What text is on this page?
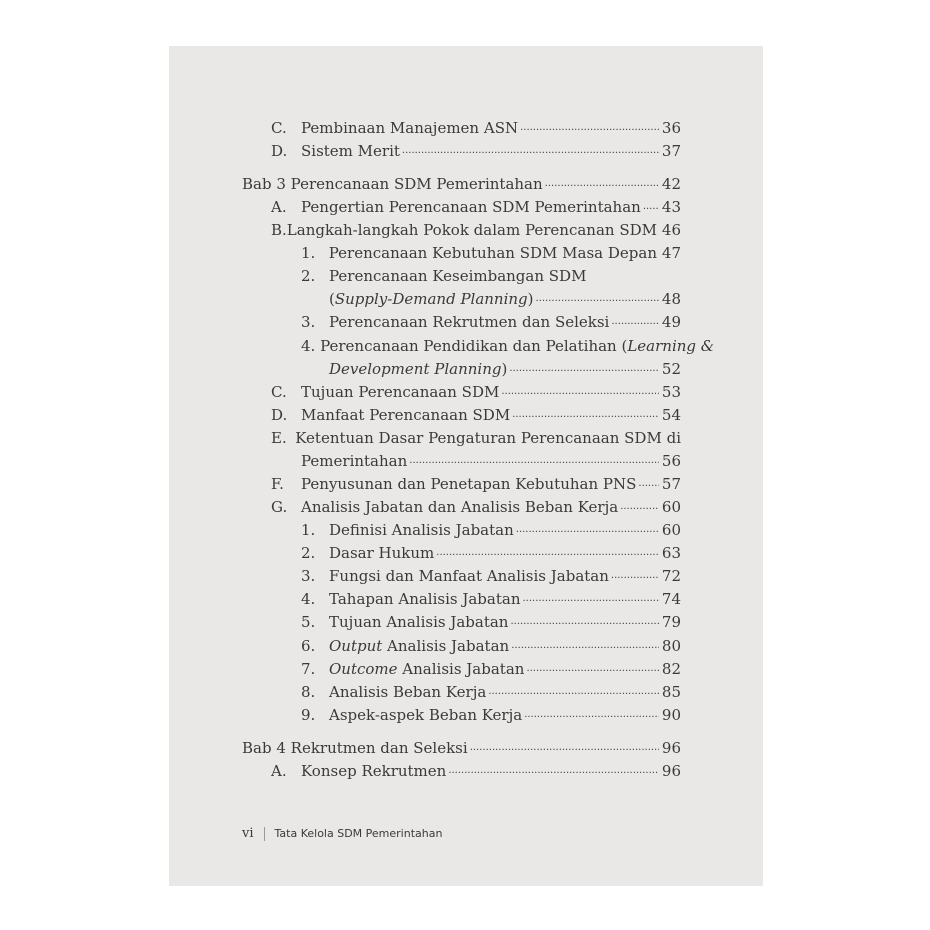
C. Pembinaan Manajemen ASN .....	36
D. Sistem Merit .....	37
Bab 3 Perencanaan SDM Pemerintahan .....	42
A. Pengertian Perencanaan SDM Pemerintahan ..... 43
B. Langkah-langkah Pokok dalam Perencanan SDM 46
1. Perencanaan Kebutuhan SDM Masa Depan 47
2. Perencanaan Keseimbangan SDM
(Supply-Demand Planning) .....	48
3. Perencanaan Rekrutmen dan Seleksi .....	49
4. Perencanaan Pendidikan dan Pelatihan (Learning &
Development Planning) .....	52
C. Tujuan Perencanaan SDM .....	53
D. Manfaat Perencanaan SDM .....	54
E. Ketentuan Dasar Pengaturan Perencanaan SDM di
Pemerintahan .....	56
F.	Penyusunan dan Penetapan Kebutuhan PNS ..... 57
G. Analisis Jabatan dan Analisis Beban Kerja .....	60
1. Definisi Analisis Jabatan .....	60
2. Dasar Hukum .....	63
3. Fungsi dan Manfaat Analisis Jabatan .....	72
4. Tahapan Analisis Jabatan .....	74
5. Tujuan Analisis Jabatan .....	79
6. Output Analisis Jabatan .....	80
7. Outcome Analisis Jabatan .....	82
8. Analisis Beban Kerja .....	85
9. Aspek-aspek Beban Kerja .....	90
Bab 4 Rekrutmen dan Seleksi .....	96
A. Konsep Rekrutmen .....	96
vi Tata Kelola SDM Pemerintahan
